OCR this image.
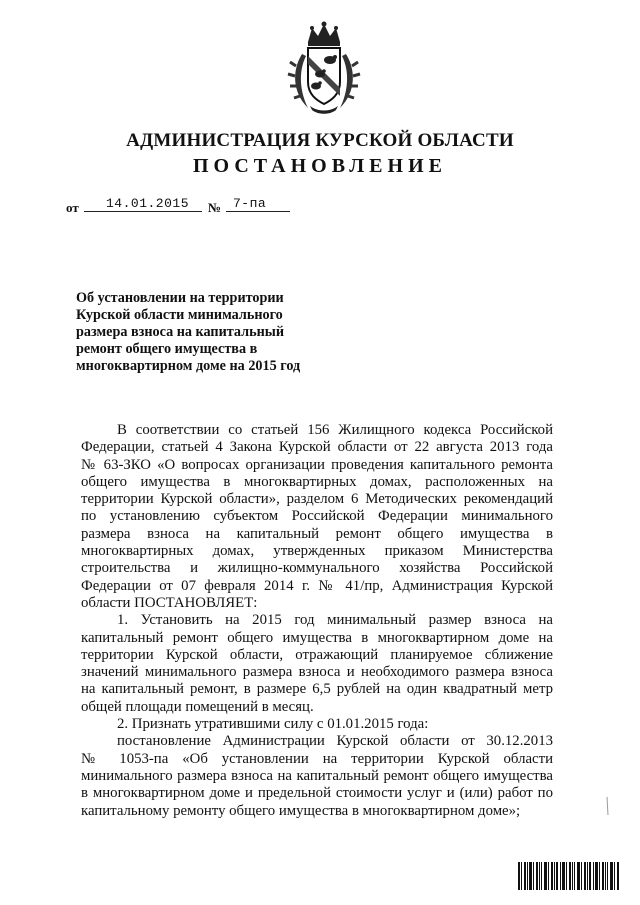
АДМИНИСТРАЦИЯ КУРСКОЙ ОБЛАСТИ
ПОСТАНОВЛЕНИЕ
от 14.01.2015 № 7-па
Об установлении на территории
Курской области минимального
размера взноса на капитальный
ремонт общего имущества в
многоквартирном доме на 2015 год
В соответствии со статьей 156 Жилищного кодекса Российской
Федерации, статьей 4 Закона Курской области от 22 августа 2013 года
№ 63-ЗКО «О вопросах организации проведения капитального ремонта
общего имущества в многоквартирных домах, расположенных на
территории Курской области», разделом 6 Методических рекомендаций
по установлению субъектом Российской Федерации минимального
размера взноса на капитальный ремонт общего имущества в
многоквартирных домах, утвержденных приказом Министерства
строительства и жилищно-коммунального хозяйства Российской
Федерации от 07 февраля 2014 г. № 41/пр, Администрация Курской
области ПОСТАНОВЛЯЕТ:
1. Установить на 2015 год минимальный размер взноса на
капитальный ремонт общего имущества в многоквартирном доме на
территории Курской области, отражающий планируемое сближение
значений минимального размера взноса и необходимого размера взноса
на капитальный ремонт, в размере 6,5 рублей на один квадратный метр
общей площади помещений в месяц.
2. Признать утратившими силу с 01.01.2015 года:
постановление Администрации Курской области от 30.12.2013
№ 1053-па «Об установлении на территории Курской области
минимального размера взноса на капитальный ремонт общего имущества
в многоквартирном доме и предельной стоимости услуг и (или) работ по
капитальному ремонту общего имущества в многоквартирном доме»;
